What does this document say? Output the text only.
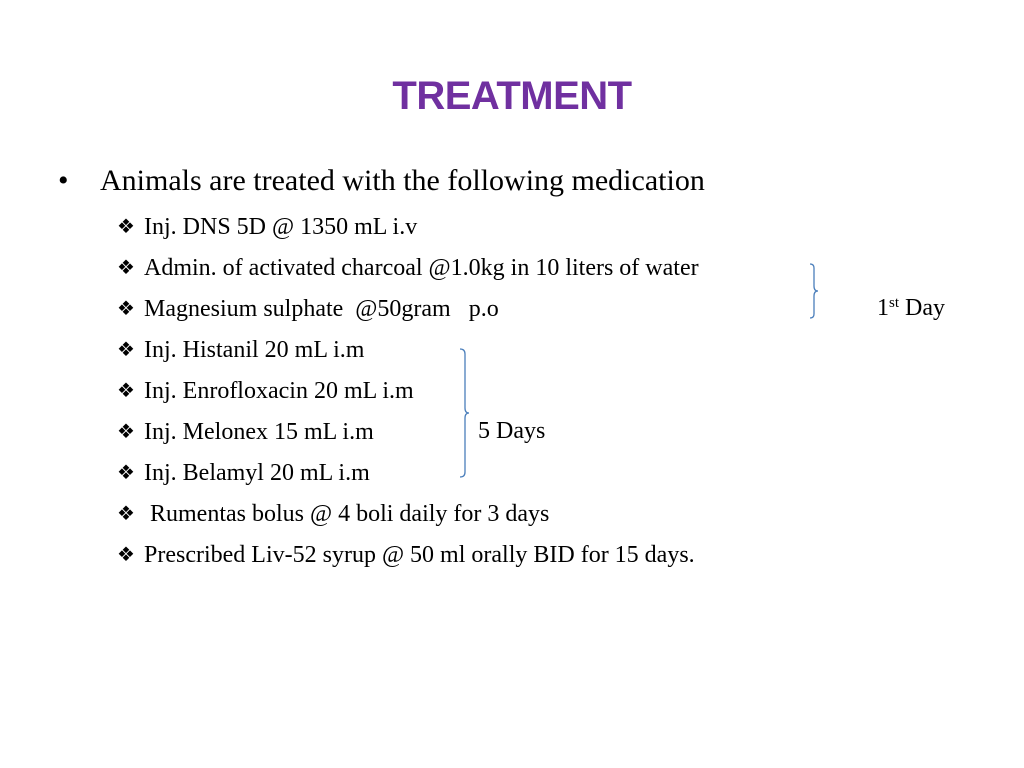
TREATMENT
• Animals are treated with the following medication
❖ Inj. DNS 5D @ 1350 mL i.v
❖ Admin. of activated charcoal @1.0kg in 10 liters of water
❖ Magnesium sulphate  @50gram   p.o
❖ Inj. Histanil 20 mL i.m
❖ Inj. Enrofloxacin 20 mL i.m
❖ Inj. Melonex 15 mL i.m
❖ Inj. Belamyl 20 mL i.m
❖ Rumentas bolus @ 4 boli daily for 3 days
❖ Prescribed Liv-52 syrup @ 50 ml orally BID for 15 days.
1st Day
5 Days
